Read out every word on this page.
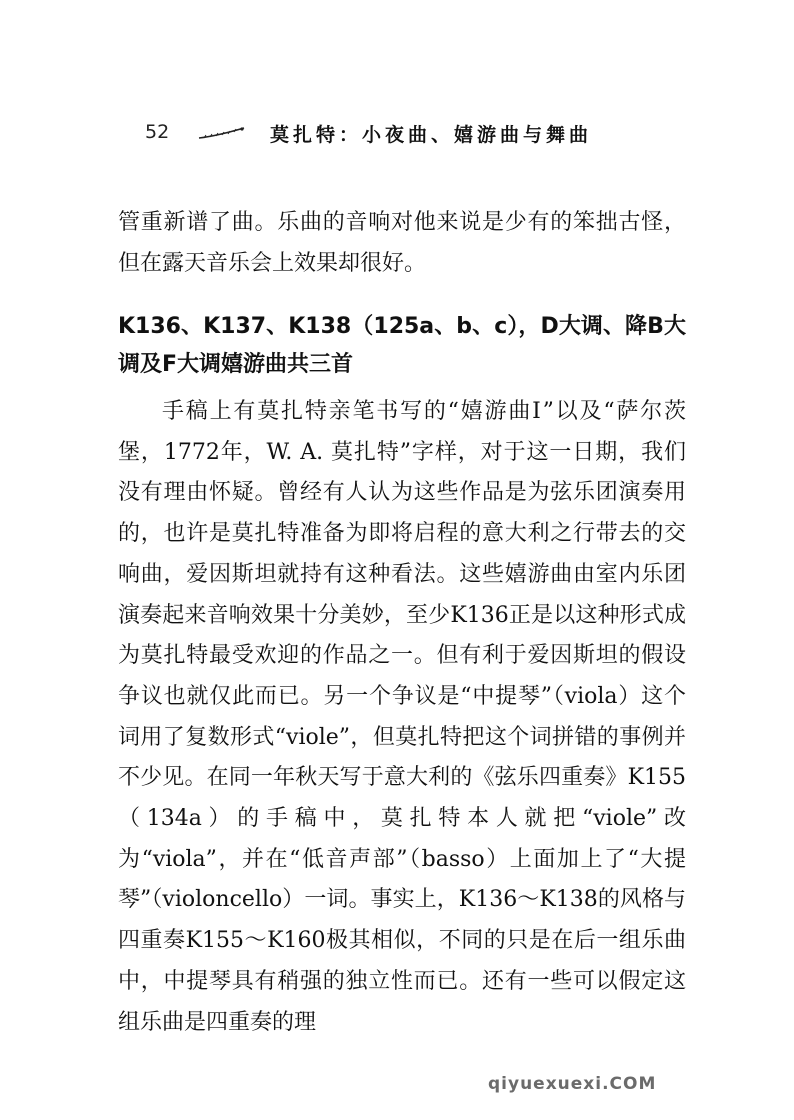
52	莫扎特：小夜曲、嬉游曲与舞曲

管重新谱了曲。乐曲的音响对他来说是少有的笨拙古怪，但在露天音乐会上效果却很好。

K136、K137、K138（125a、b、c），D大调、降B大调及F大调嬉游曲共三首

手稿上有莫扎特亲笔书写的“嬉游曲Ⅰ”以及“萨尔茨堡，1772年，W. A. 莫扎特”字样，对于这一日期，我们没有理由怀疑。曾经有人认为这些作品是为弦乐团演奏用的，也许是莫扎特准备为即将启程的意大利之行带去的交响曲，爱因斯坦就持有这种看法。这些嬉游曲由室内乐团演奏起来音响效果十分美妙，至少K136正是以这种形式成为莫扎特最受欢迎的作品之一。但有利于爱因斯坦的假设争议也就仅此而已。另一个争议是“中提琴”（viola）这个词用了复数形式“viole”，但莫扎特把这个词拼错的事例并不少见。在同一年秋天写于意大利的《弦乐四重奏》K155（134a）的手稿中，莫扎特本人就把“viole”改为“viola”，并在“低音声部”（basso）上面加上了“大提琴”（violoncello）一词。事实上，K136～K138的风格与四重奏K155～K160极其相似，不同的只是在后一组乐曲中，中提琴具有稍强的独立性而已。还有一些可以假定这组乐曲是四重奏的理

qiyuexuexi.COM
